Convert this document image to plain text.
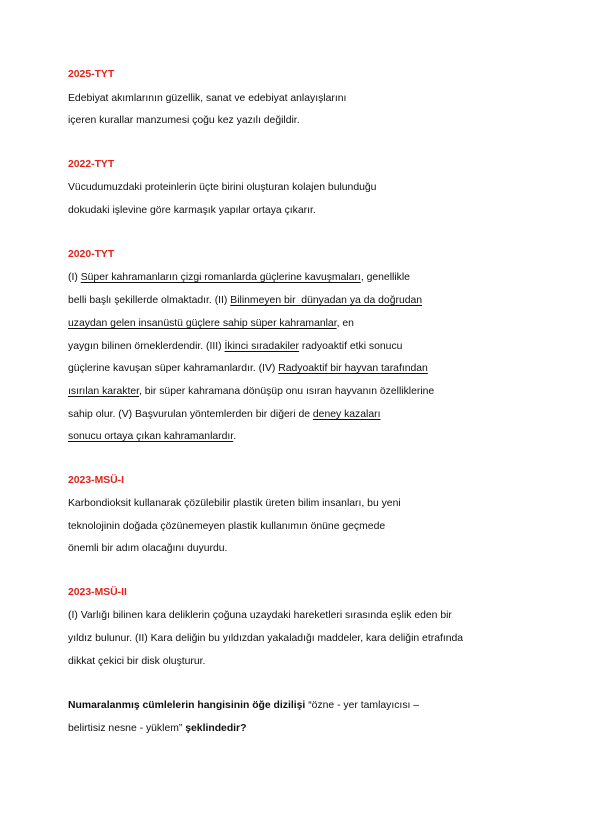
2025-TYT
Edebiyat akımlarının güzellik, sanat ve edebiyat anlayışlarını
içeren kurallar manzumesi çoğu kez yazılı değildir.
2022-TYT
Vücudumuzdaki proteinlerin üçte birini oluşturan kolajen bulunduğu
dokudaki işlevine göre karmaşık yapılar ortaya çıkarır.
2020-TYT
(I) Süper kahramanların çizgi romanlarda güçlerine kavuşmaları, genellikle
belli başlı şekillerde olmaktadır. (II) Bilinmeyen bir  dünyadan ya da doğrudan
uzaydan gelen insanüstü güçlere sahip süper kahramanlar, en
yaygın bilinen örneklerdendir. (III) İkinci sıradakiler radyoaktif etki sonucu
güçlerine kavuşan süper kahramanlardır. (IV) Radyoaktif bir hayvan tarafından
ısırılan karakter, bir süper kahramana dönüşüp onu ısıran hayvanın özelliklerine
sahip olur. (V) Başvurulan yöntemlerden bir diğeri de deney kazaları
sonucu ortaya çıkan kahramanlardır.
2023-MSÜ-I
Karbondioksit kullanarak çözülebilir plastik üreten bilim insanları, bu yeni
teknolojinin doğada çözünemeyen plastik kullanımın önüne geçmede
önemli bir adım olacağını duyurdu.
2023-MSÜ-II
(I) Varlığı bilinen kara deliklerin çoğuna uzaydaki hareketleri sırasında eşlik eden bir
yıldız bulunur. (II) Kara deliğin bu yıldızdan yakaladığı maddeler, kara deliğin etrafında
dikkat çekici bir disk oluşturur.
Numaralanmış cümlelerin hangisinin öğe dizilişi “özne - yer tamlayıcısı –
belirtisiz nesne - yüklem” şeklindedir?
